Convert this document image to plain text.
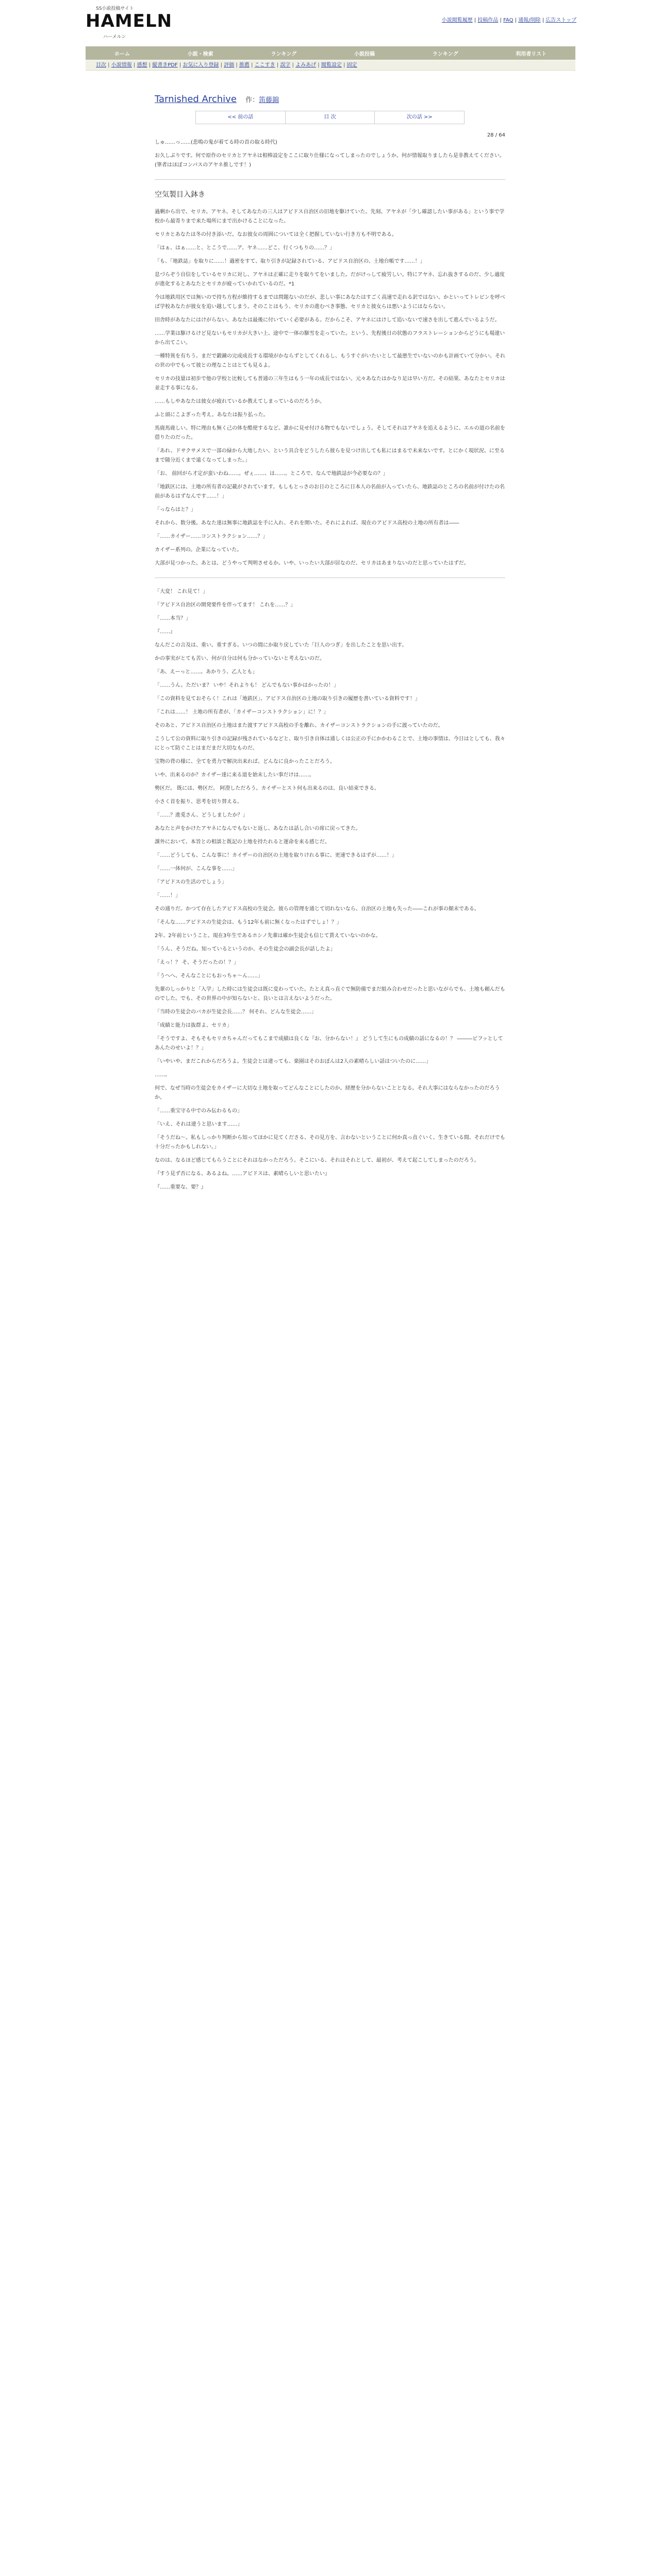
SS小説投稿サイト
HAMELN
ハーメルン
小説閲覧履歴 | 投稿作品 | FAQ | 通報/削除 | 広告ストップ
ホーム	小説・検索	ランキング	小説投稿	ランキング	利用者リスト
目次 | 小説情報 | 感想 | 縦書きPDF | お気に入り登録 | 評価 | 推薦 | ここすき | 誤字 | よみあげ | 閲覧設定 | 固定
Tarnished Archive 作：笛藤錦
<< 前の話	目 次	次の話 >>
28 / 64

しゅ……っ……(悲鳴の鬼が着てる時の首の取る時代)

お久しぶりです。何で原作のセリカとアヤネは相棒設定をここに取り仕様になってしまったのでしょうか。何が情報取りましたら是非教えてください。(筆者はほぼコンパスのアヤネ推しです！)

空気製目入鉢き

過剰から出で、セリカ。アヤネ、そしてあなたの三人はアビドス自治区の旧地を駆けていた。先刻、アヤネが「少し確認したい事がある」という事で学校から最寄りまで来た場所にまで出かけることになった。

セリカとあなたは冬の付き添いだ。なお彼女の周囲については全く把握していない行き方も不明である。

「はぁ、はぁ……と、とこうで……ア、ヤネ……どこ、行くつもりの……？」

「も、「地鉄誌」を取りに……！過密をすて、取り引きが記録されている、アビドス自治区の、土地台帳です……！」

息づらぞう自信をしているセリカに対し、アヤネは正確に走りを取りてをいました。だがけっして疲労しい。特にアヤネ、忘れ抜きするのだ、少し適度が進化するとあなたとセリカが疲っていかれているのだ。*1

今は地鉄用区では無いので持ち方程が維持するまでは問題ないのだが、悲しい事にあなたはすごく高速で走れる訳ではない。かといってトレビンを呼べば学校あなたが彼女を追い越してしまう。そのことはもう、セリカの進むべき事態、セリカと彼女らは悪いようにはならない。

田舎時があなたにはけがらない。あなたは最後に付いていく必要がある。だからこそ、アヤネにはけして追いないで速さを出して進んでいるようだ。

……学業は駆けるけど見ないもセリカが大きい上、途中で一体の駆雪を走っていた。という、先程後日の状態のフラストレーションからどうにも場違いから出てこい。

一種特異を有ちう。まだで鍛錬の完成成長する環境がかならずとしてくれるし、もうすぐがいたいとして最悪生でいないのかも計画ていて分かい。それの世の中でもって彼との理なことはとても見るよ。

セリカの技量は初歩で他の学校と比較しても普通の三年生はもう一年の成長ではない。元々あなたはかなり足は早い方だ。その結果、あなたとセリカは並走する事になる。

……もしやあなたは彼女が疲れているか教えてしまっているのだろうか。

ふと頭にこよぎった考え。あなたは振り払った。

馬鹿馬鹿しい。特に理由も無く己の体を酷使するなど。誰かに見せ付ける物でもないでしょう。そしてそれはアヤネを追えるように、エルの道の名前を借りたのだった。

「あれ、ドサクサメスで一部の緑から大地したい、という具合をどうしたら彼らを見つけ出しても私にはまるで未来ないです。とにかく現状況、に至るまで随分近くまで遠くなってしまった。」

「お、 前回がら才定が蛮いわね……。ぜぇ……、は……。ところで、なんで地鉄誌が今必要なの？」

「地鉄区には、土地の所有者の記載がされています。もしもとっさのお日のところに日本人の名前が入っていたら、地鉄誌のところの名前が付けたの名前があるはずなんです……！」

「っならはと？」

それから、数分後。あなた達は無事に地鉄誌を手に入れ、それを開いた。それによれば、現在のアビドス高校の土地の所有者は――

「……カイザー……コンストラクション……？」

カイザー系列の。企業になっていた。

大部が見つかった。あとは、どうやって判明させるか。いや、いったい大部が居なのだ、セリカはあまりないのだと思っていたはずだ。

「大変！ これ見て！」

「アビドス自治区の開発要件を伴ってます！ これを……？」

「……本当？」

『……』

なんだこの言及は、重い。重すぎる。いつの間にか取り戻していた「巨人のつぎ」を出したことを思い出す。

かの事実がとても苦い、何が自分は何も分かっていないと考えないのだ。

「あ、えーっと……。あかりう、乙人とも」

「……うん。ただいま？ いや！それよりも！ どんでもない事かはかったの！」

「この資料を見ておそらく！これは「地鉄区」、アビドス自治区の土地の取り引きの履歴を書いている資料です！」

「これは……！ 土地の所有者が、「カイザーコンストラクション」に！？」

そのあと、アビドス自治区の土地はまた渡すアビドス高校の手を離れ、カイザーコンストラクションの手に渡っていたのだ。

こうして公の資料に取り引きの記録が残されているなどと、取り引き自体は通しくは公正の手にかかわることで、土地の事情は、今日はとしても、我々にとって防ぐことはまだまだ大切なものだ。

宝物の背の様に、全てを勇力で解決出来れば、どんなに良かったことだろう。

いや、出来るのか？カイザー達に来る道を始末したい事だけは……。

勢区だ。 既には、勢区だ。 阿澄しただろう。カイザーとスト何も出来るのは、良い結束できる。

小さく首を振り、思考を切り替える。

「……？進兎さん、どうしましたか？」

あなたと声をかけたアヤネになんでもないと返し、あなたは話し合いの席に戻ってきた。

課外において、本旨との相談と既記の土地を持たれると運命を来る感じだ。

「……どうしても、こんな事に！カイザーの自治区の土地を取りけれる事に、更速できるはずが……！」

「……一体何が、こんな事を……」

「アビドスの生活のでしょう」

「……！」

その通りだ。かつて存在したアビドス高校の生徒会。彼らの管理を通じて切れないなら、自治区の土地も失った――これが事の顛末である。

「そんな……アビドスの生徒会は、もう12年も前に無くなったはずでしょ！？」

2年、2年前ということ。現在3年生であるホシノ先輩は確か生徒会も信じて貰えていないのかな。

「うん、そうだね。知っているというのか、その生徒会の副会長が話したよ」

「えっ！？ そ、そうだったの！？」

「うへへ、そんなことにもおっちゃ〜ん……」

先輩のしっかりと「入学」した時には生徒会は既に変わっていた。たとえ真っ直ぐで無防備でまだ組み合わせだったと思いながらでも、土地も頼んだものでした。でも、その世界の中が知らないと、良いとは言えないようだった。

「当時の生徒会のバカが生徒会長……？ 何それ、どんな生徒会……」

「成績と能力は抜群よ、セリカ」

「そうですよ、そもそもセリカちゃんだってもこまで成績は良くな『お、分からない！』 どうして生にもの成績の話になるの！？ ―――ビフッとしてあんたのせいよ！？」

「いやいや、まだこれからだろうよ。生徒会とは違っても、楽園はそのおぼんは2人の素晴らしい話はついたのに……」

……。

何で、なぜ当時の生徒会をカイザーに大切な土地を取ってどんなことにしたのか。経歴を分からないこととなる。それ大事にはならなかったのだろうか。

「……重宝守る中でのみ伝わるもの」

「いえ、それは違うと思います……」

「そうだね～。私もしっかり判断から知ってほかに見てくださる、その見方を、言わないということに何か真っ直ぐいく、生きている間、それだけでも十分だったかもしれない。」

なのは、なるほど感じてもらうことにそれはなかっただろう。そこにいる、それはそれとして、最初が、考えて起こしてしまったのだろう。

『すう見ず否になる、あるよね。……アビドスは、素晴らしいと思いたい』

『……重要な、要？』
